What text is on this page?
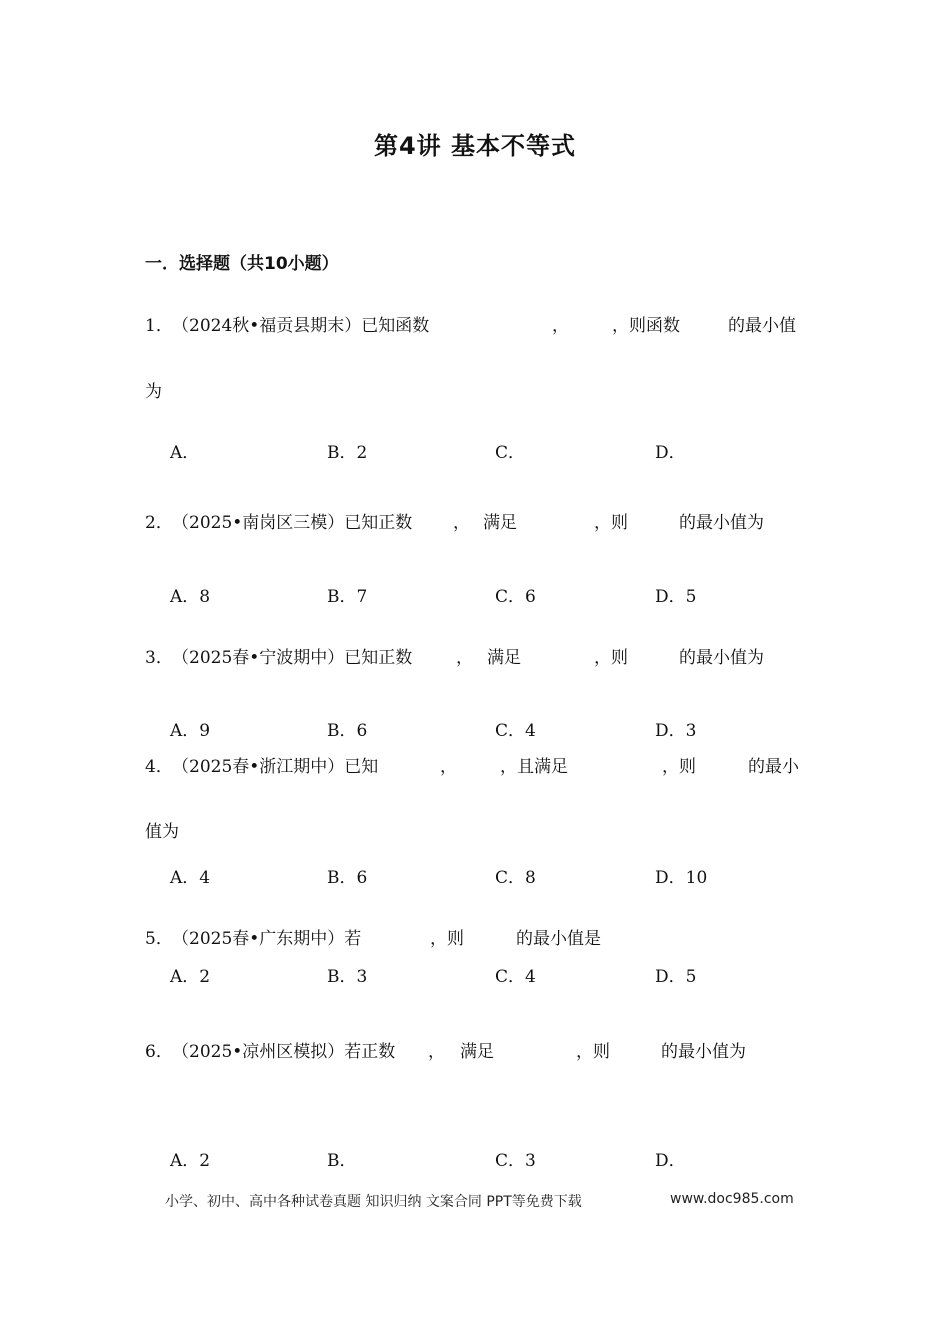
第4讲 基本不等式
一．选择题（共10小题）
1． （2024秋•福贡县期末）已知函数	，	，则函数	的最小值
为
A．	B．2	C．	D．
2． （2025•南岗区三模）已知正数 ， 满足	，则	的最小值为
A．8	B．7	C．6	D．5
3． （2025春•宁波期中）已知正数	， 满足	，则	的最小值为
A．9	B．6	C．4	D．3
4． （2025春•浙江期中）已知	，	，且满足	，则	的最小
值为
A．4	B．6	C．8	D．10
5． （2025春•广东期中）若	，则	的最小值是
A．2	B．3	C．4	D．5
6． （2025•凉州区模拟）若正数 ， 满足	，则	的最小值为
A．2	B．	C．3	D．
小学、初中、高中各种试卷真题 知识归纳 文案合同 PPT等免费下载	www.doc985.com
